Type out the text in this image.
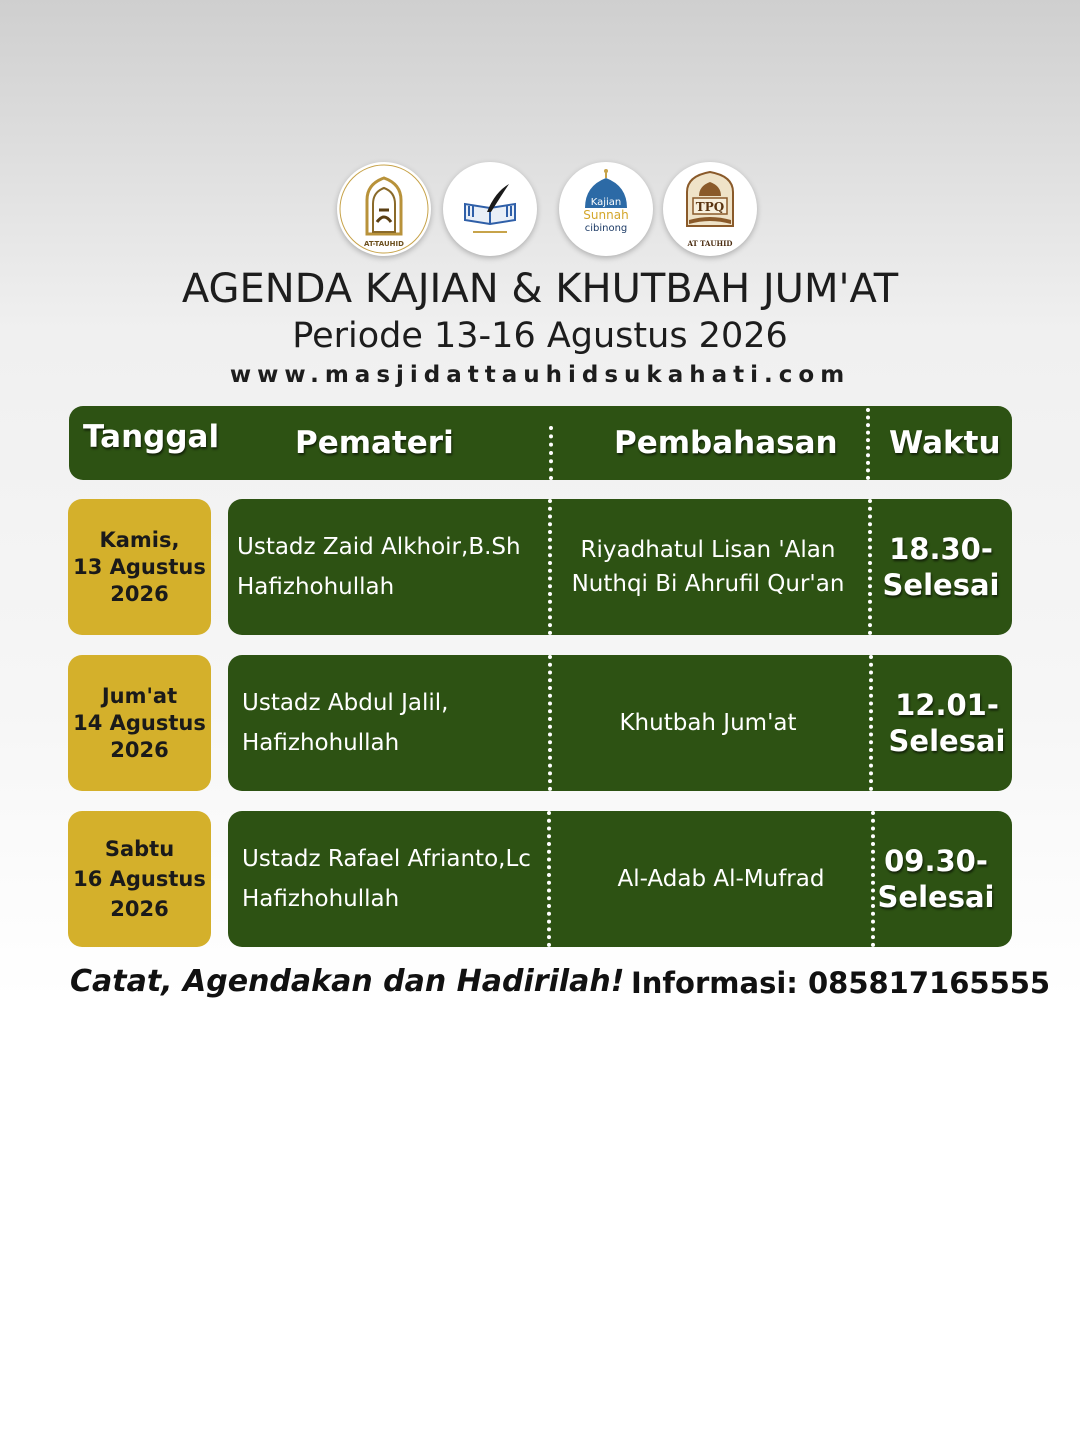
AT-TAUHID
Kajian
Sunnah
cibinong
TPQ
AT TAUHID
AGENDA KAJIAN & KHUTBAH JUM'AT
Periode 13-16 Agustus 2026
www.masjidattauhidsukahati.com
Tanggal Pemateri	Pembahasan Waktu
Kamis,
13 Agustus
2026
Ustadz Zaid Alkhoir,B.Sh
Hafizhohullah
Riyadhatul Lisan 'Alan
Nuthqi Bi Ahrufil Qur'an
18.30-
Selesai
Jum'at
14 Agustus
2026
Ustadz Abdul Jalil,
Hafizhohullah
Khutbah Jum'at
12.01-
Selesai
Sabtu
16 Agustus
2026
Ustadz Rafael Afrianto,Lc
Hafizhohullah
Al-Adab Al-Mufrad
09.30-
Selesai
Catat, Agendakan dan Hadirilah! Informasi: 085817165555
